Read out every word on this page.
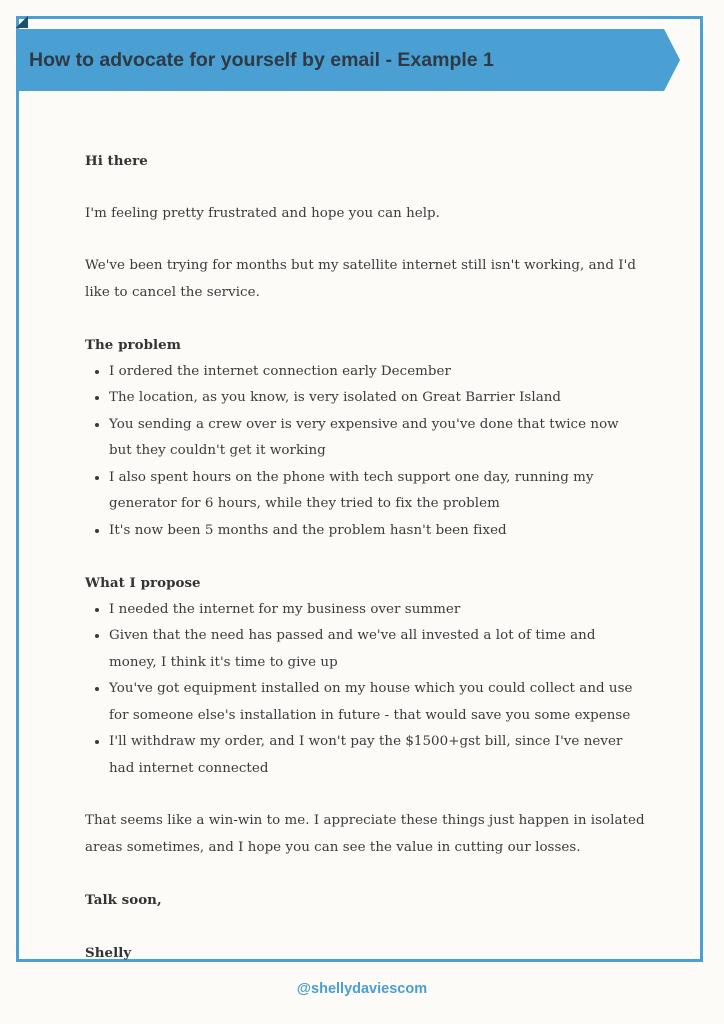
How to advocate for yourself by email - Example 1

Hi there

I'm feeling pretty frustrated and hope you can help.

We've been trying for months but my satellite internet still isn't working, and I'd like to cancel the service.

The problem

I ordered the internet connection early December
The location, as you know, is very isolated on Great Barrier Island
You sending a crew over is very expensive and you've done that twice now but they couldn't get it working
I also spent hours on the phone with tech support one day, running my generator for 6 hours, while they tried to fix the problem
It's now been 5 months and the problem hasn't been fixed

What I propose

I needed the internet for my business over summer
Given that the need has passed and we've all invested a lot of time and money, I think it's time to give up
You've got equipment installed on my house which you could collect and use for someone else's installation in future - that would save you some expense
I'll withdraw my order, and I won't pay the $1500+gst bill, since I've never had internet connected

That seems like a win-win to me. I appreciate these things just happen in isolated areas sometimes, and I hope you can see the value in cutting our losses.

Talk soon,

Shelly

@shellydaviescom
